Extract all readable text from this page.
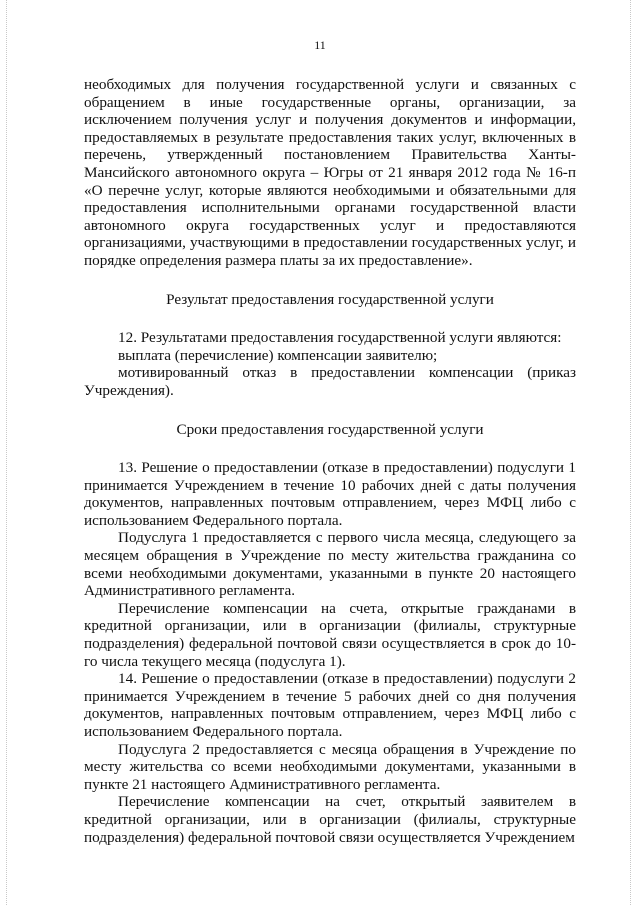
11

необходимых для получения государственной услуги и связанных с обращением в иные государственные органы, организации, за исключением получения услуг и получения документов и информации, предоставляемых в результате предоставления таких услуг, включенных в перечень, утвержденный постановлением Правительства Ханты-Мансийского автономного округа – Югры от 21 января 2012 года № 16-п «О перечне услуг, которые являются необходимыми и обязательными для предоставления исполнительными органами государственной власти автономного округа государственных услуг и предоставляются организациями, участвующими в предоставлении государственных услуг, и порядке определения размера платы за их предоставление».

Результат предоставления государственной услуги

12. Результатами предоставления государственной услуги являются:

выплата (перечисление) компенсации заявителю;

мотивированный отказ в предоставлении компенсации (приказ Учреждения).

Сроки предоставления государственной услуги

13. Решение о предоставлении (отказе в предоставлении) подуслуги 1 принимается Учреждением в течение 10 рабочих дней с даты получения документов, направленных почтовым отправлением, через МФЦ либо с использованием Федерального портала.

Подуслуга 1 предоставляется с первого числа месяца, следующего за месяцем обращения в Учреждение по месту жительства гражданина со всеми необходимыми документами, указанными в пункте 20 настоящего Административного регламента.

Перечисление компенсации на счета, открытые гражданами в кредитной организации, или в организации (филиалы, структурные подразделения) федеральной почтовой связи осуществляется в срок до 10-го числа текущего месяца (подуслуга 1).

14. Решение о предоставлении (отказе в предоставлении) подуслуги 2 принимается Учреждением в течение 5 рабочих дней со дня получения документов, направленных почтовым отправлением, через МФЦ либо с использованием Федерального портала.

Подуслуга 2 предоставляется с месяца обращения в Учреждение по месту жительства со всеми необходимыми документами, указанными в пункте 21 настоящего Административного регламента.

Перечисление компенсации на счет, открытый заявителем в кредитной организации, или в организации (филиалы, структурные подразделения) федеральной почтовой связи осуществляется Учреждением
